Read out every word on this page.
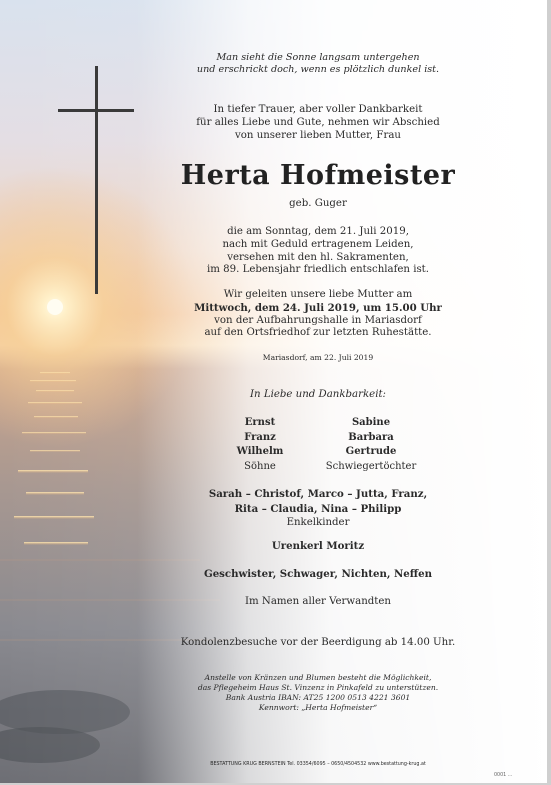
Man sieht die Sonne langsam untergehen
und erschrickt doch, wenn es plötzlich dunkel ist.
In tiefer Trauer, aber voller Dankbarkeit
für alles Liebe und Gute, nehmen wir Abschied
von unserer lieben Mutter, Frau
Herta Hofmeister
geb. Guger
die am Sonntag, dem 21. Juli 2019,
nach mit Geduld ertragenem Leiden,
versehen mit den hl. Sakramenten,
im 89. Lebensjahr friedlich entschlafen ist.
Wir geleiten unsere liebe Mutter am
Mittwoch, dem 24. Juli 2019, um 15.00 Uhr
von der Aufbahrungshalle in Mariasdorf
auf den Ortsfriedhof zur letzten Ruhestätte.
Mariasdorf, am 22. Juli 2019
In Liebe und Dankbarkeit:
Ernst
Franz
Wilhelm
Söhne
Sabine
Barbara
Gertrude
Schwiegertöchter
Sarah – Christof, Marco – Jutta, Franz,
Rita – Claudia, Nina – Philipp
Enkelkinder
Urenkerl Moritz
Geschwister, Schwager, Nichten, Neffen
Im Namen aller Verwandten
Kondolenzbesuche vor der Beerdigung ab 14.00 Uhr.
Anstelle von Kränzen und Blumen besteht die Möglichkeit,
das Pflegeheim Haus St. Vinzenz in Pinkafeld zu unterstützen.
Bank Austria IBAN: AT25 1200 0513 4221 3601
Kennwort: „Herta Hofmeister“
BESTATTUNG KRUG BERNSTEIN Tel. 03354/6095 – 0650/4504532 www.bestattung-krug.at
0001 ...
